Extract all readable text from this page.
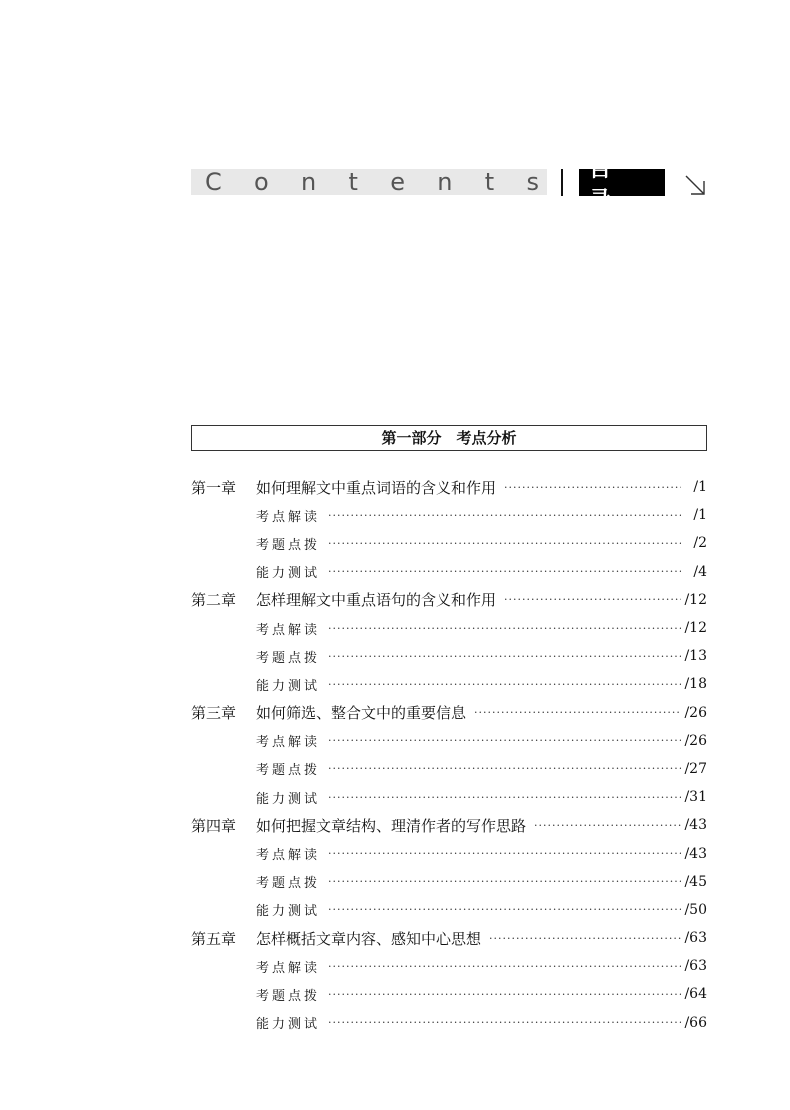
C o n t e n t s	目 录
第一部分　考点分析
第一章	如何理解文中重点词语的含义和作用 ·····	/1
考点解读 ·····	/1
考题点拨 ·····	/2
能力测试 ·····	/4
第二章	怎样理解文中重点语句的含义和作用 ·····	/12
考点解读 ·····	/12
考题点拨 ·····	/13
能力测试 ·····	/18
第三章	如何筛选、整合文中的重要信息 ·····	/26
考点解读 ·····	/26
考题点拨 ·····	/27
能力测试 ·····	/31
第四章	如何把握文章结构、理清作者的写作思路 ·····	/43
考点解读 ·····	/43
考题点拨 ·····	/45
能力测试 ·····	/50
第五章	怎样概括文章内容、感知中心思想 ·····	/63
考点解读 ·····	/63
考题点拨 ·····	/64
能力测试 ·····	/66
